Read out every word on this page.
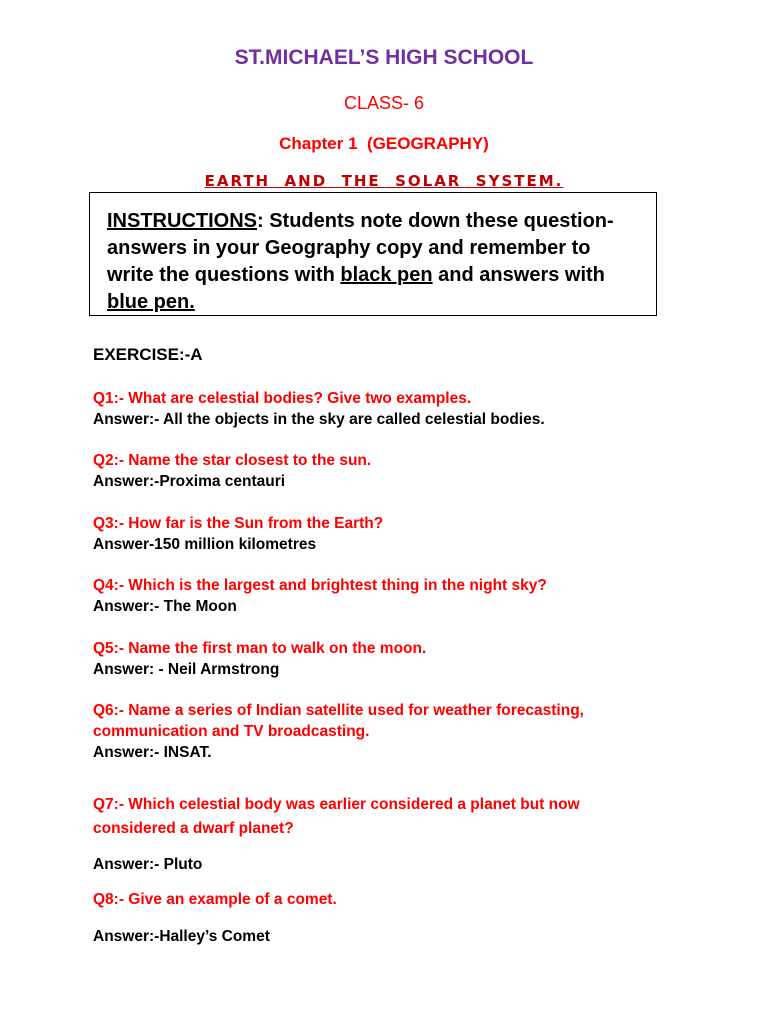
ST.MICHAEL’S HIGH SCHOOL
CLASS- 6
Chapter 1  (GEOGRAPHY)
EARTH  AND  THE  SOLAR  SYSTEM.
INSTRUCTIONS: Students note down these question-
answers in your Geography copy and remember to
write the questions with black pen and answers with
blue pen.
EXERCISE:-A
Q1:- What are celestial bodies? Give two examples.
Answer:- All the objects in the sky are called celestial bodies.
Q2:- Name the star closest to the sun.
Answer:-Proxima centauri
Q3:- How far is the Sun from the Earth?
Answer-150 million kilometres
Q4:- Which is the largest and brightest thing in the night sky?
Answer:- The Moon
Q5:- Name the first man to walk on the moon.
Answer: - Neil Armstrong
Q6:- Name a series of Indian satellite used for weather forecasting,
communication and TV broadcasting.
Answer:- INSAT.
Q7:- Which celestial body was earlier considered a planet but now
considered a dwarf planet?
Answer:- Pluto
Q8:- Give an example of a comet.
Answer:-Halley’s Comet
